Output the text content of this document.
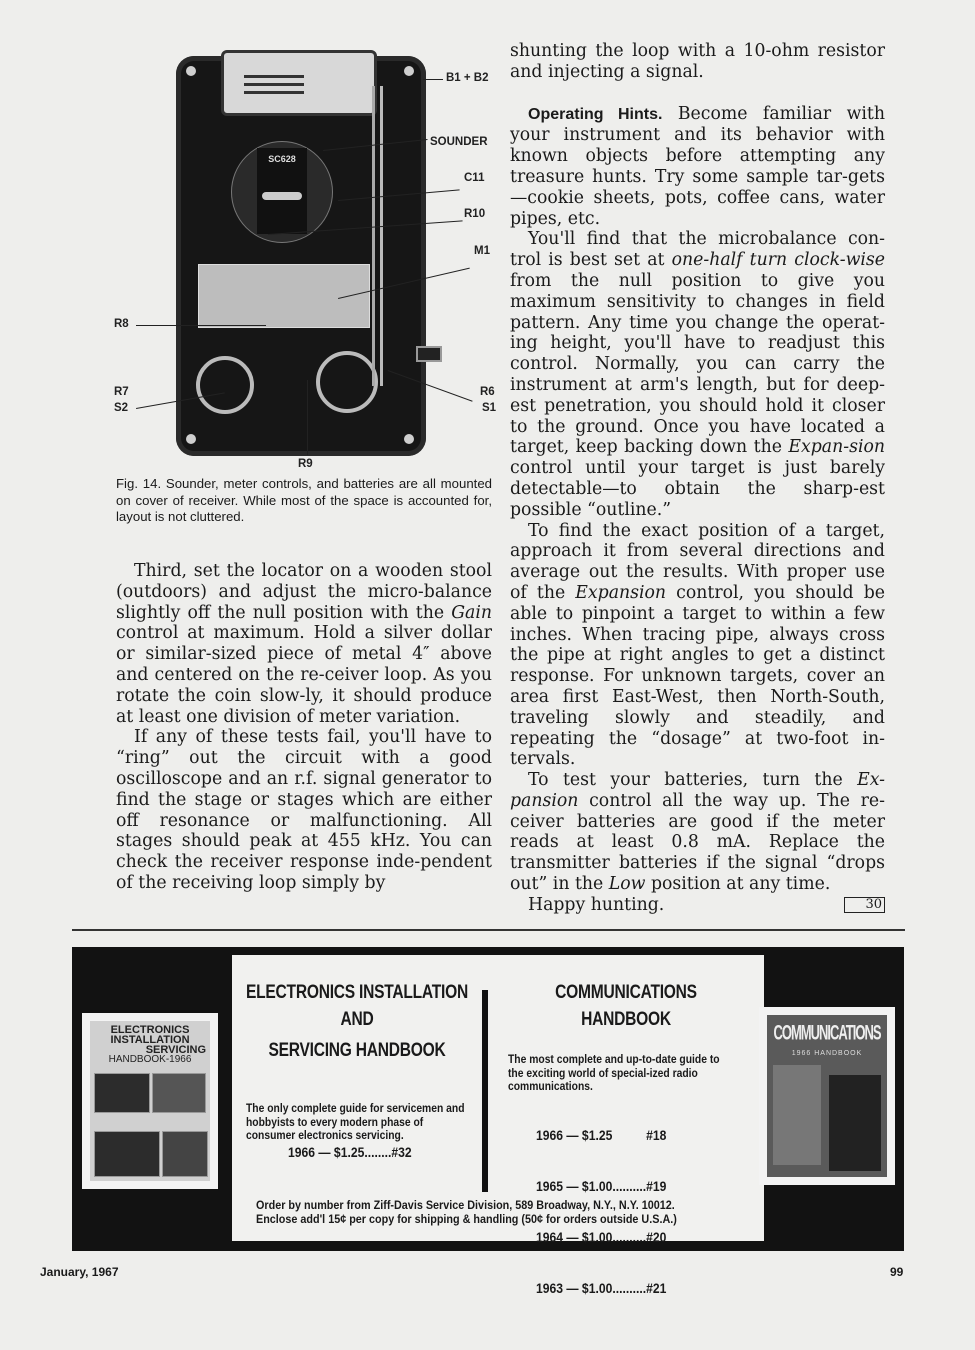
SC628
B1 + B2
SOUNDER
C11
R10
M1
R8
R7
S2
R6
S1
R9
Fig. 14. Sounder, meter controls, and batteries are all mounted on cover of receiver. While most of the space is accounted for, layout is not cluttered.

Third, set the locator on a wooden stool (outdoors) and adjust the micro-balance slightly off the null position with the Gain control at maximum. Hold a silver dollar or similar-sized piece of metal 4″ above and centered on the re-ceiver loop. As you rotate the coin slow-ly, it should produce at least one division of meter variation.

If any of these tests fail, you'll have to “ring” out the circuit with a good oscilloscope and an r.f. signal generator to find the stage or stages which are either off resonance or malfunctioning. All stages should peak at 455 kHz. You can check the receiver response inde-pendent of the receiving loop simply by

shunting the loop with a 10-ohm resistor and injecting a signal.

Operating Hints. Become familiar with your instrument and its behavior with known objects before attempting any treasure hunts. Try some sample tar-gets—cookie sheets, pots, coffee cans, water pipes, etc.

You'll find that the microbalance con-trol is best set at one-half turn clock-wise from the null position to give you maximum sensitivity to changes in field pattern. Any time you change the operat-ing height, you'll have to readjust this control. Normally, you can carry the instrument at arm's length, but for deep-est penetration, you should hold it closer to the ground. Once you have located a target, keep backing down the Expan-sion control until your target is just barely detectable—to obtain the sharp-est possible “outline.”

To find the exact position of a target, approach it from several directions and average out the results. With proper use of the Expansion control, you should be able to pinpoint a target to within a few inches. When tracing pipe, always cross the pipe at right angles to get a distinct response. For unknown targets, cover an area first East-West, then North-South, traveling slowly and steadily, and repeating the “dosage” at two-foot in-tervals.

To test your batteries, turn the Ex-pansion control all the way up. The re-ceiver batteries are good if the meter reads at least 0.8 mA. Replace the transmitter batteries if the signal “drops out” in the Low position at any time.

Happy hunting.	30

ELECTRONICS
INSTALLATION
SERVICING
HANDBOOK-1966
ELECTRONICS INSTALLATION
AND
SERVICING HANDBOOK
The only complete guide for servicemen and hobbyists to every modern phase of consumer electronics servicing.
1966 — $1.25........#32
COMMUNICATIONS
HANDBOOK
The most complete and up-to-date guide to the exciting world of special-ized radio communications.

1966 — $1.25          #18

1965 — $1.00..........#19

1964 — $1.00..........#20

1963 — $1.00..........#21

Order by number from Ziff-Davis Service Division, 589 Broadway, N.Y., N.Y. 10012.
Enclose add'l 15¢ per copy for shipping & handling (50¢ for orders outside U.S.A.)
COMMUNICATIONS
1966 HANDBOOK
January, 1967	99
